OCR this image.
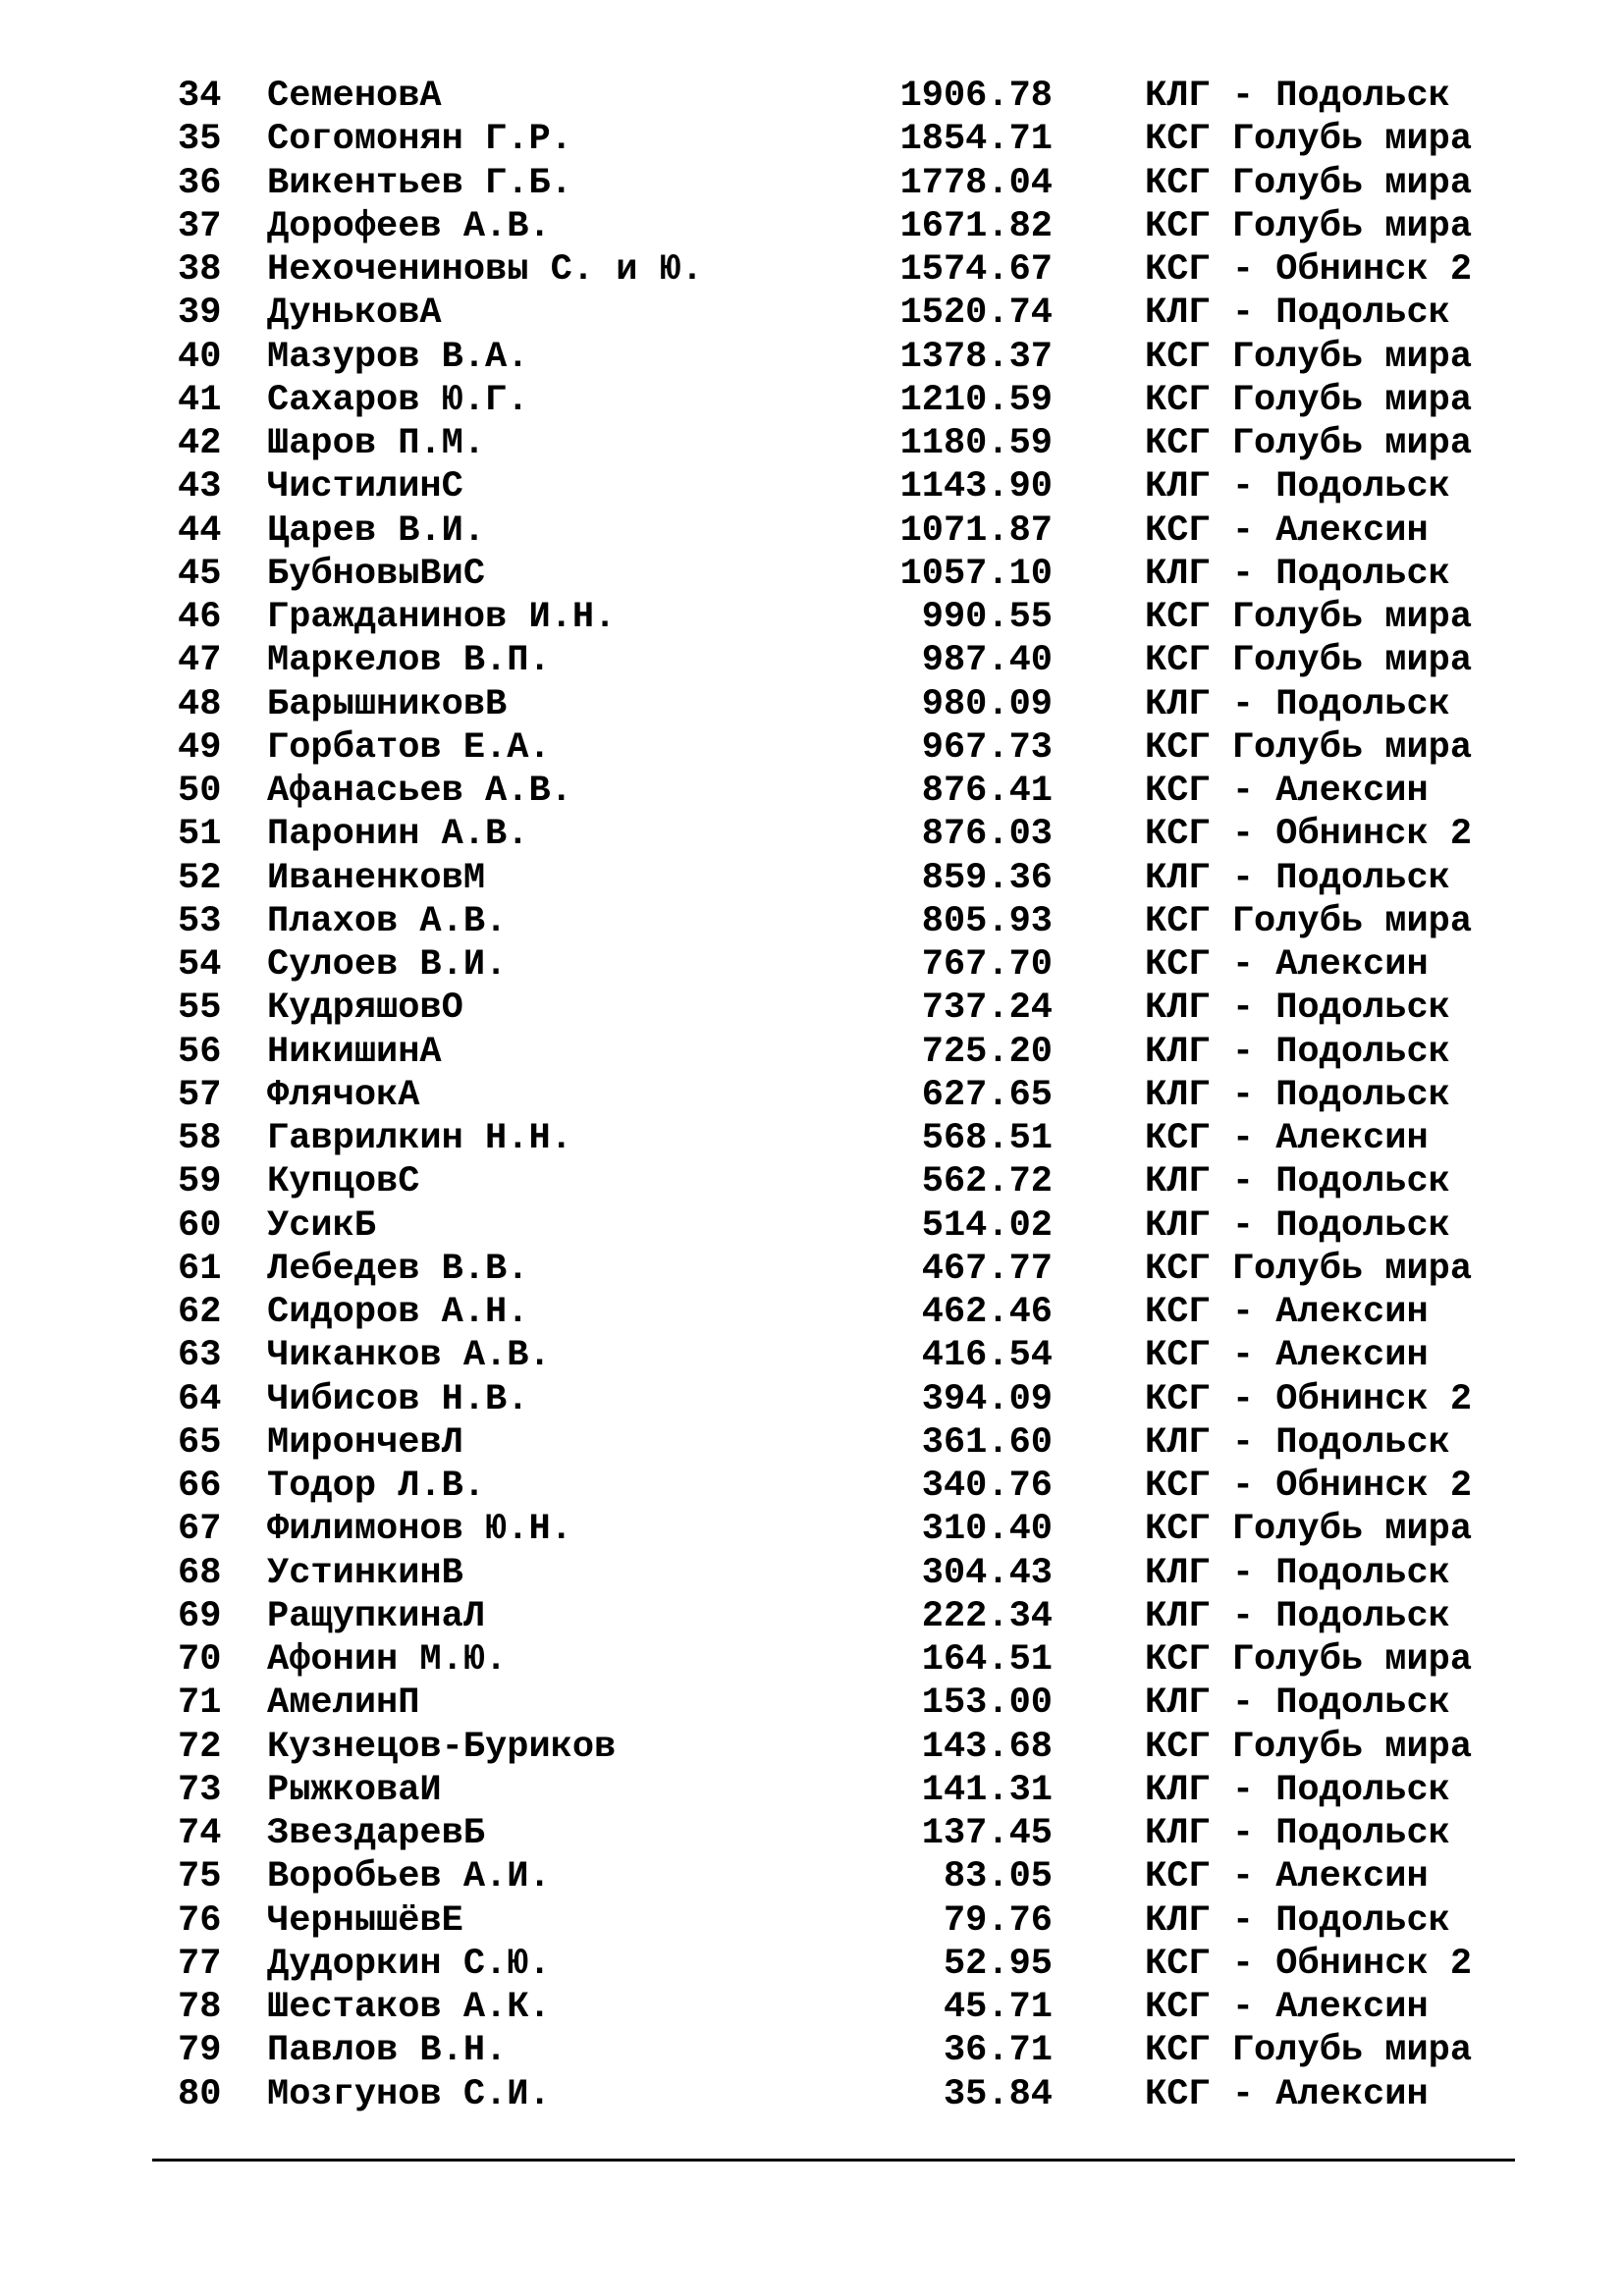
34 СеменовА	1906.78	КЛГ - Подольск
35 Согомонян Г.Р.	1854.71	КСГ Голубь мира
36 Викентьев Г.Б.	1778.04	КСГ Голубь мира
37 Дорофеев А.В.	1671.82	КСГ Голубь мира
38 Нехоченинoвы С. и Ю.	1574.67	КСГ - Обнинск 2
39 ДуньковА	1520.74	КЛГ - Подольск
40 Мазуров В.А.	1378.37	КСГ Голубь мира
41 Сахаров Ю.Г.	1210.59	КСГ Голубь мира
42 Шаров П.М.	1180.59	КСГ Голубь мира
43 ЧистилинС	1143.90	КЛГ - Подольск
44 Царев В.И.	1071.87	КСГ - Алексин
45 БубновыВиС	1057.10	КЛГ - Подольск
46 Гражданинов И.Н.	990.55	КСГ Голубь мира
47 Маркелов В.П.	987.40	КСГ Голубь мира
48 БарышниковВ	980.09	КЛГ - Подольск
49 Горбатов Е.А.	967.73	КСГ Голубь мира
50 Афанасьев А.В.	876.41	КСГ - Алексин
51 Паронин А.В.	876.03	КСГ - Обнинск 2
52 ИваненковМ	859.36	КЛГ - Подольск
53 Плахов А.В.	805.93	КСГ Голубь мира
54 Сулоев В.И.	767.70	КСГ - Алексин
55 КудряшовО	737.24	КЛГ - Подольск
56 НикишинА	725.20	КЛГ - Подольск
57 ФлячокА	627.65	КЛГ - Подольск
58 Гаврилкин Н.Н.	568.51	КСГ - Алексин
59 КупцовС	562.72	КЛГ - Подольск
60 УсикБ	514.02	КЛГ - Подольск
61 Лебедев В.В.	467.77	КСГ Голубь мира
62 Сидоров А.Н.	462.46	КСГ - Алексин
63 Чиканков А.В.	416.54	КСГ - Алексин
64 Чибисов Н.В.	394.09	КСГ - Обнинск 2
65 МирончевЛ	361.60	КЛГ - Подольск
66 Тодор Л.В.	340.76	КСГ - Обнинск 2
67 Филимонов Ю.Н.	310.40	КСГ Голубь мира
68 УстинкинВ	304.43	КЛГ - Подольск
69 РащупкинаЛ	222.34	КЛГ - Подольск
70 Афонин М.Ю.	164.51	КСГ Голубь мира
71 АмелинП	153.00	КЛГ - Подольск
72 Кузнецов-Буриков	143.68	КСГ Голубь мира
73 РыжковаИ	141.31	КЛГ - Подольск
74 ЗвездаревБ	137.45	КЛГ - Подольск
75 Воробьев А.И.	83.05	КСГ - Алексин
76 ЧернышёвЕ	79.76	КЛГ - Подольск
77 Дудоркин С.Ю.	52.95	КСГ - Обнинск 2
78 Шестаков А.К.	45.71	КСГ - Алексин
79 Павлов В.Н.	36.71	КСГ Голубь мира
80 Мозгунов С.И.	35.84	КСГ - Алексин
